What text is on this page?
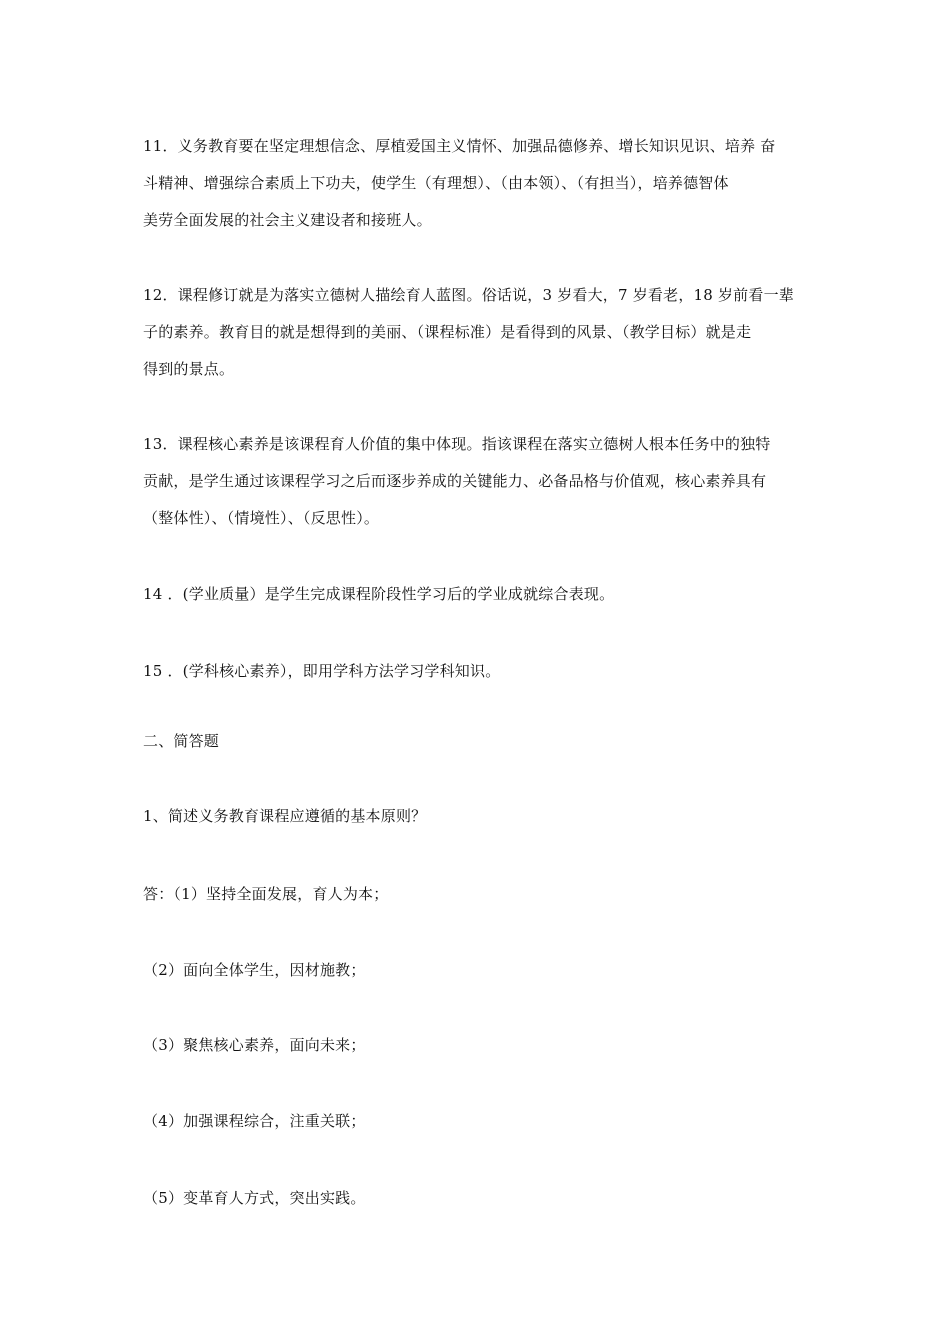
11．义务教育要在坚定理想信念、厚植爱国主义情怀、加强品德修养、增长知识见识、培养 奋
斗精神、增强综合素质上下功夫，使学生（有理想）、（由本领）、（有担当），培养德智体
美劳全面发展的社会主义建设者和接班人。
12．课程修订就是为落实立德树人描绘育人蓝图。俗话说，3 岁看大，7 岁看老，18 岁前看一辈
子的素养。教育目的就是想得到的美丽、（课程标准）是看得到的风景、（教学目标）就是走
得到的景点。
13．课程核心素养是该课程育人价值的集中体现。指该课程在落实立德树人根本任务中的独特
贡献，是学生通过该课程学习之后而逐步养成的关键能力、必备品格与价值观，核心素养具有
（整体性）、（情境性）、（反思性）。

14 ．(学业质量）是学生完成课程阶段性学习后的学业成就综合表现。

15 ．(学科核心素养），即用学科方法学习学科知识。

二、简答题

1、简述义务教育课程应遵循的基本原则？

答：（1）坚持全面发展，育人为本；

（2）面向全体学生，因材施教；

（3）聚焦核心素养，面向未来；

（4）加强课程综合，注重关联；

（5）变革育人方式，突出实践。
